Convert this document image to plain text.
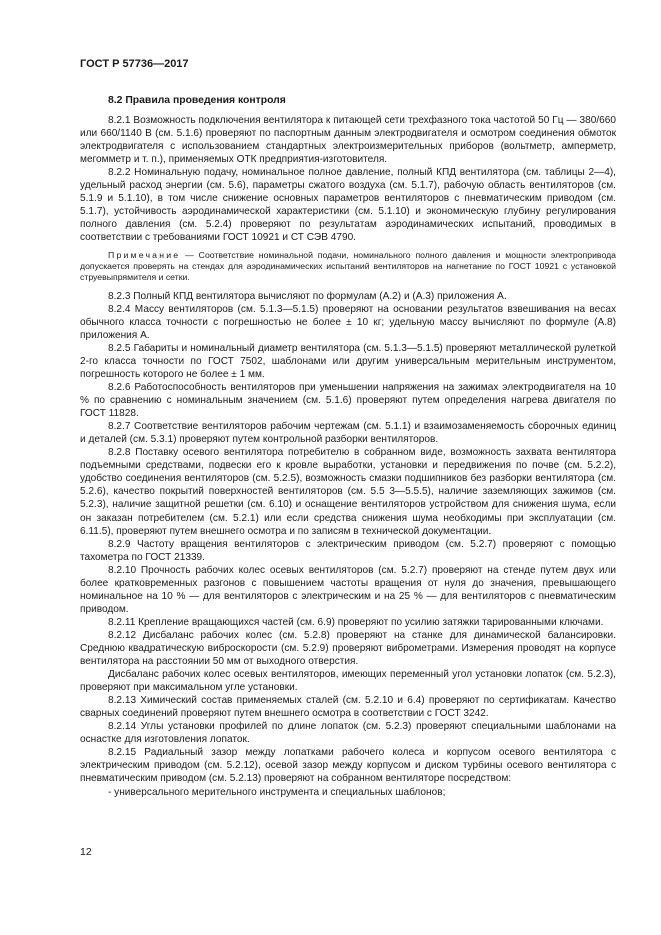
ГОСТ Р 57736—2017
8.2 Правила проведения контроля

8.2.1 Возможность подключения вентилятора к питающей сети трехфазного тока частотой 50 Гц — 380/660 или 660/1140 В (см. 5.1.6) проверяют по паспортным данным электродвигателя и осмотром соединения обмоток электродвигателя с использованием стандартных электроизмерительных приборов (вольтметр, амперметр, мегомметр и т. п.), применяемых ОТК предприятия-изготовителя.

8.2.2 Номинальную подачу, номинальное полное давление, полный КПД вентилятора (см. таблицы 2—4), удельный расход энергии (см. 5.6), параметры сжатого воздуха (см. 5.1.7), рабочую область вентиляторов (см. 5.1.9 и 5.1.10), в том числе снижение основных параметров вентиляторов с пневматическим приводом (см. 5.1.7), устойчивость аэродинамической характеристики (см. 5.1.10) и экономическую глубину регулирования полного давления (см. 5.2.4) проверяют по результатам аэродинамических испытаний, проводимых в соответствии с требованиями ГОСТ 10921 и СТ СЭВ 4790.

Примечание — Соответствие номинальной подачи, номинального полного давления и мощности электропривода допускается проверять на стендах для аэродинамических испытаний вентиляторов на нагнетание по ГОСТ 10921 с установкой струевыпрямителя и сетки.

8.2.3 Полный КПД вентилятора вычисляют по формулам (А.2) и (А.3) приложения А.

8.2.4 Массу вентиляторов (см. 5.1.3—5.1.5) проверяют на основании результатов взвешивания на весах обычного класса точности с погрешностью не более ± 10 кг; удельную массу вычисляют по формуле (А.8) приложения А.

8.2.5 Габариты и номинальный диаметр вентилятора (см. 5.1.3—5.1.5) проверяют металлической рулеткой 2-го класса точности по ГОСТ 7502, шаблонами или другим универсальным мерительным инструментом, погрешность которого не более ± 1 мм.

8.2.6 Работоспособность вентиляторов при уменьшении напряжения на зажимах электродвигателя на 10 % по сравнению с номинальным значением (см. 5.1.6) проверяют путем определения нагрева двигателя по ГОСТ 11828.

8.2.7 Соответствие вентиляторов рабочим чертежам (см. 5.1.1) и взаимозаменяемость сборочных единиц и деталей (см. 5.3.1) проверяют путем контрольной разборки вентиляторов.

8.2.8 Поставку осевого вентилятора потребителю в собранном виде, возможность захвата вентилятора подъемными средствами, подвески его к кровле выработки, установки и передвижения по почве (см. 5.2.2), удобство соединения вентиляторов (см. 5.2.5), возможность смазки подшипников без разборки вентилятора (см. 5.2.6), качество покрытий поверхностей вентиляторов (см. 5.5 3—5.5.5), наличие заземляющих зажимов (см. 5.2.3), наличие защитной решетки (см. 6.10) и оснащение вентиляторов устройством для снижения шума, если он заказан потребителем (см. 5.2.1) или если средства снижения шума необходимы при эксплуатации (см. 6.11.5), проверяют путем внешнего осмотра и по записям в технической документации.

8.2.9 Частоту вращения вентиляторов с электрическим приводом (см. 5.2.7) проверяют с помощью тахометра по ГОСТ 21339.

8.2.10 Прочность рабочих колес осевых вентиляторов (см. 5.2.7) проверяют на стенде путем двух или более кратковременных разгонов с повышением частоты вращения от нуля до значения, превышающего номинальное на 10 % — для вентиляторов с электрическим и на 25 % — для вентиляторов с пневматическим приводом.

8.2.11 Крепление вращающихся частей (см. 6.9) проверяют по усилию затяжки тарированными ключами.

8.2.12 Дисбаланс рабочих колес (см. 5.2.8) проверяют на станке для динамической балансировки. Среднюю квадратическую виброскорости (см. 5.2.9) проверяют виброметрами. Измерения проводят на корпусе вентилятора на расстоянии 50 мм от выходного отверстия.

Дисбаланс рабочих колес осевых вентиляторов, имеющих переменный угол установки лопаток (см. 5.2.3), проверяют при максимальном угле установки.

8.2.13 Химический состав применяемых сталей (см. 5.2.10 и 6.4) проверяют по сертификатам. Качество сварных соединений проверяют путем внешнего осмотра в соответствии с ГОСТ 3242.

8.2.14 Углы установки профилей по длине лопаток (см. 5.2.3) проверяют специальными шаблонами на оснастке для изготовления лопаток.

8.2.15 Радиальный зазор между лопатками рабочего колеса и корпусом осевого вентилятора с электрическим приводом (см. 5.2.12), осевой зазор между корпусом и диском турбины осевого вентилятора с пневматическим приводом (см. 5.2.13) проверяют на собранном вентиляторе посредством:

- универсального мерительного инструмента и специальных шаблонов;

12
